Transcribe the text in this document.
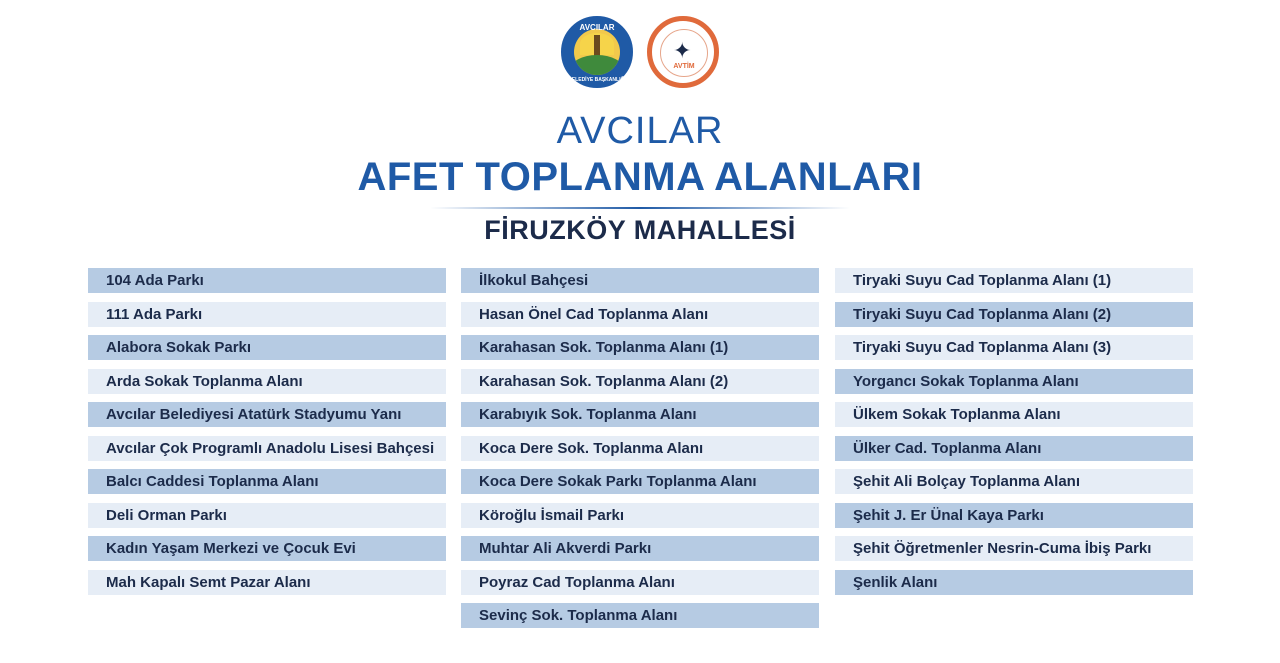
AVCILAR
BELEDİYE BAŞKANLIĞI
✦
AVTİM
AVCILAR
AFET TOPLANMA ALANLARI
FİRUZKÖY MAHALLESİ
104 Ada Parkı
111 Ada Parkı
Alabora Sokak Parkı
Arda Sokak Toplanma Alanı
Avcılar Belediyesi Atatürk Stadyumu Yanı
Avcılar Çok Programlı Anadolu Lisesi Bahçesi
Balcı Caddesi Toplanma Alanı
Deli Orman Parkı
Kadın Yaşam Merkezi ve Çocuk Evi
Mah Kapalı Semt Pazar Alanı
İlkokul Bahçesi
Hasan Önel Cad Toplanma Alanı
Karahasan Sok. Toplanma Alanı (1)
Karahasan Sok. Toplanma Alanı (2)
Karabıyık Sok. Toplanma Alanı
Koca Dere Sok. Toplanma Alanı
Koca Dere Sokak Parkı Toplanma Alanı
Köroğlu İsmail Parkı
Muhtar Ali Akverdi Parkı
Poyraz Cad Toplanma Alanı
Sevinç Sok. Toplanma Alanı
Tiryaki Suyu Cad Toplanma Alanı (1)
Tiryaki Suyu Cad Toplanma Alanı (2)
Tiryaki Suyu Cad Toplanma Alanı (3)
Yorgancı Sokak Toplanma Alanı
Ülkem Sokak Toplanma Alanı
Ülker Cad. Toplanma Alanı
Şehit Ali Bolçay Toplanma Alanı
Şehit J. Er Ünal Kaya Parkı
Şehit Öğretmenler Nesrin-Cuma İbiş Parkı
Şenlik Alanı
